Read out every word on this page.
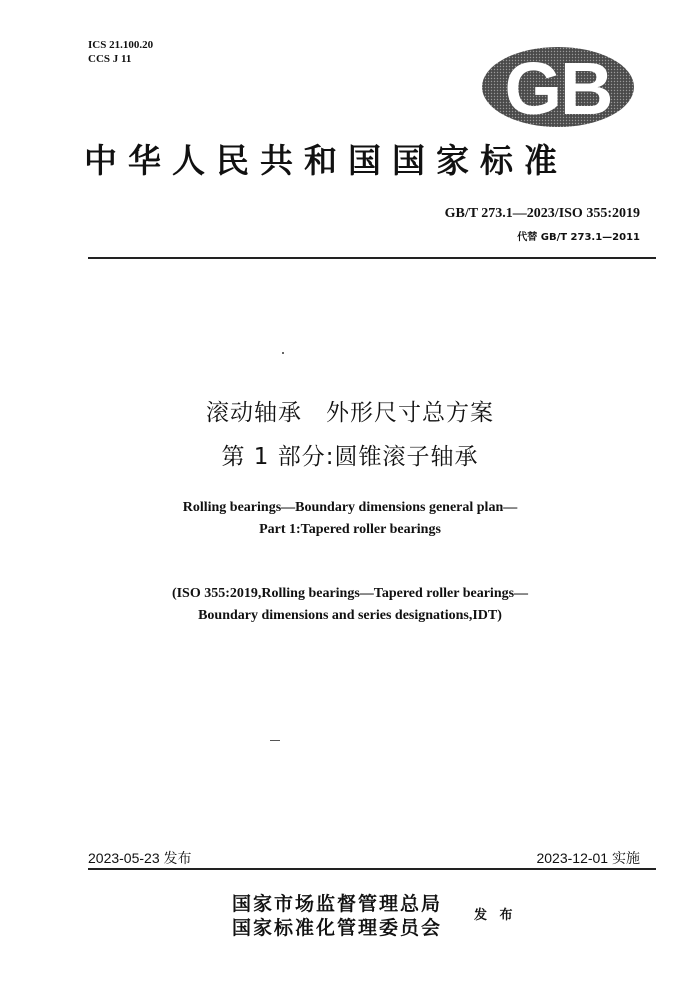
ICS 21.100.20
CCS J 11	GB
中华人民共和国国家标准
GB/T 273.1—2023/ISO 355:2019
代替 GB/T 273.1—2011
滚动轴承　外形尺寸总方案
第 1 部分:圆锥滚子轴承
Rolling bearings—Boundary dimensions general plan—
Part 1:Tapered roller bearings
(ISO 355:2019,Rolling bearings—Tapered roller bearings—
Boundary dimensions and series designations,IDT)
2023-05-23 发布	2023-12-01 实施
国家市场监督管理总局
国家标准化管理委员会
发 布
